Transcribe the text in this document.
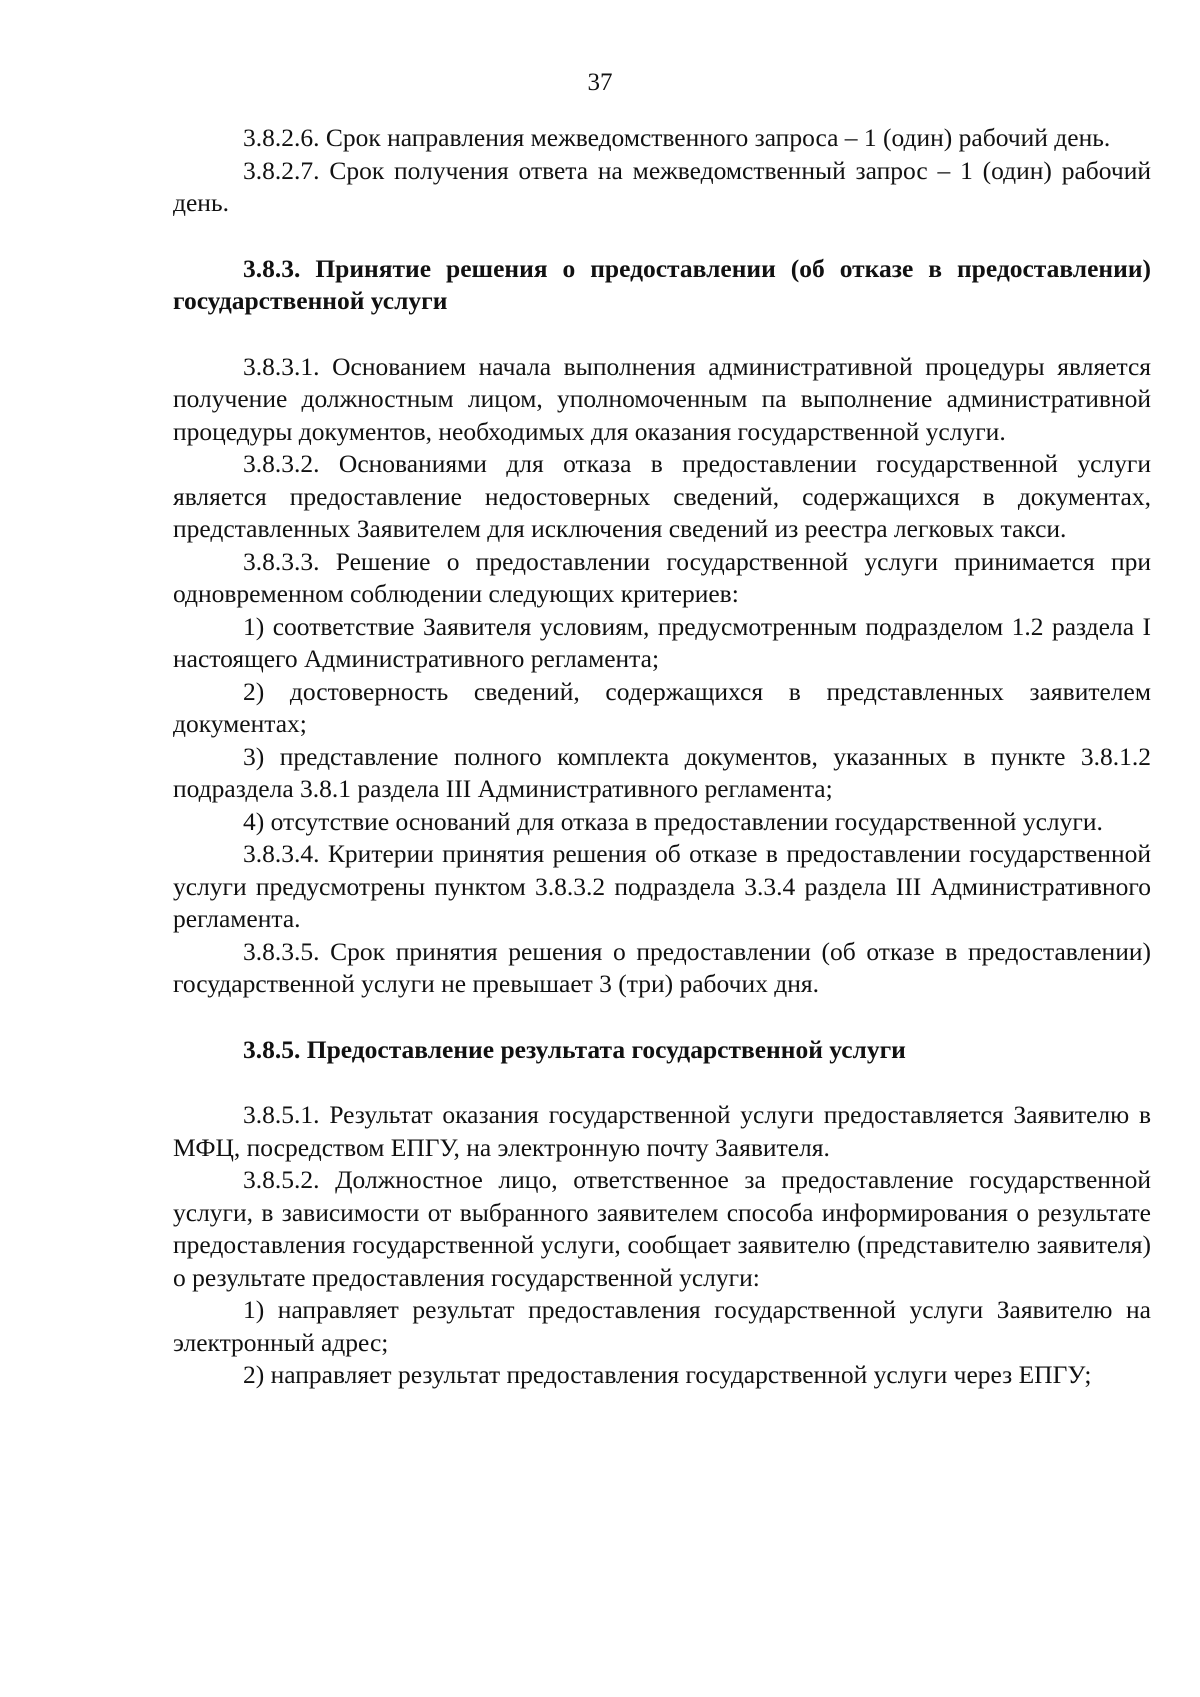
37

3.8.2.6. Срок направления межведомственного запроса – 1 (один) рабочий день.

3.8.2.7. Срок получения ответа на межведомственный запрос – 1 (один) рабочий день.

3.8.3. Принятие решения о предоставлении (об отказе в предоставлении) государственной услуги

3.8.3.1. Основанием начала выполнения административной процедуры является получение должностным лицом, уполномоченным па выполнение административной процедуры документов, необходимых для оказания государственной услуги.

3.8.3.2. Основаниями для отказа в предоставлении государственной услуги является предоставление недостоверных сведений, содержащихся в документах, представленных Заявителем для исключения сведений из реестра легковых такси.

3.8.3.3. Решение о предоставлении государственной услуги принимается при одновременном соблюдении следующих критериев:

1) соответствие Заявителя условиям, предусмотренным подразделом 1.2 раздела I настоящего Административного регламента;

2) достоверность сведений, содержащихся в представленных заявителем документах;

3) представление полного комплекта документов, указанных в пункте 3.8.1.2 подраздела 3.8.1 раздела III Административного регламента;

4) отсутствие оснований для отказа в предоставлении государственной услуги.

3.8.3.4. Критерии принятия решения об отказе в предоставлении государственной услуги предусмотрены пунктом 3.8.3.2 подраздела 3.3.4 раздела III Административного регламента.

3.8.3.5. Срок принятия решения о предоставлении (об отказе в предоставлении) государственной услуги не превышает 3 (три) рабочих дня.

3.8.5. Предоставление результата государственной услуги

3.8.5.1. Результат оказания государственной услуги предоставляется Заявителю в МФЦ, посредством ЕПГУ, на электронную почту Заявителя.

3.8.5.2. Должностное лицо, ответственное за предоставление государственной услуги, в зависимости от выбранного заявителем способа информирования о результате предоставления государственной услуги, сообщает заявителю (представителю заявителя) о результате предоставления государственной услуги:

1) направляет результат предоставления государственной услуги Заявителю на электронный адрес;

2) направляет результат предоставления государственной услуги через ЕПГУ;
